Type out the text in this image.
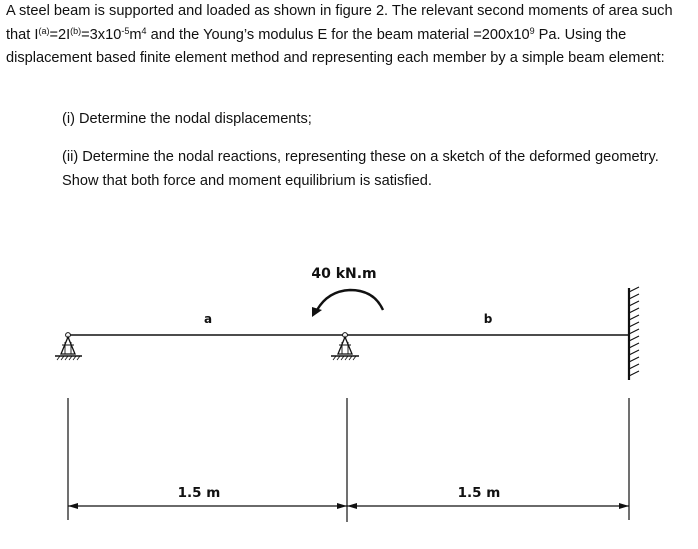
A steel beam is supported and loaded as shown in figure 2. The relevant second moments of area such that $I^{(a)}=2I^{(b)}=3x10^{-5}m^4$ and the Young’s modulus E for the beam material $=200x10^9$ Pa. Using the displacement based finite element method and representing each member by a simple beam element:
(i) Determine the nodal displacements;
(ii) Determine the nodal reactions, representing these on a sketch of the deformed geometry. Show that both force and moment equilibrium is satisfied.
40 kN.m
a	b
1.5 m	1.5 m
